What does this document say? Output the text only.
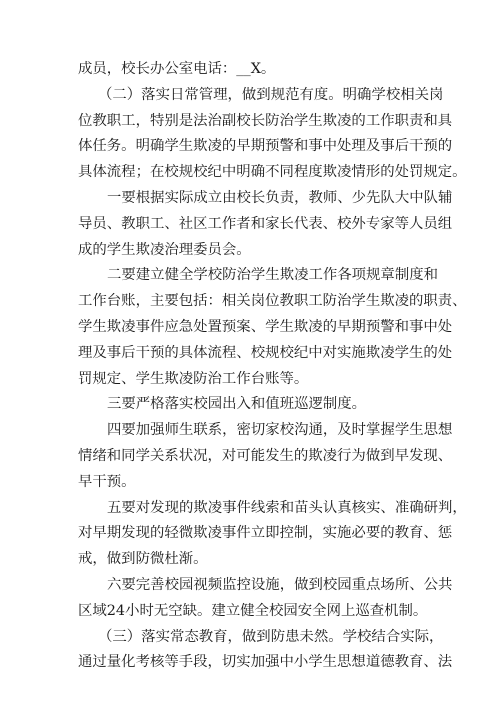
成员，校长办公室电话：__X。
（二）落实日常管理，做到规范有度。明确学校相关岗
位教职工，特别是法治副校长防治学生欺凌的工作职责和具
体任务。明确学生欺凌的早期预警和事中处理及事后干预的
具体流程；在校规校纪中明确不同程度欺凌情形的处罚规定。
一要根据实际成立由校长负责，教师、少先队大中队辅
导员、教职工、社区工作者和家长代表、校外专家等人员组
成的学生欺凌治理委员会。
二要建立健全学校防治学生欺凌工作各项规章制度和
工作台账，主要包括：相关岗位教职工防治学生欺凌的职责、
学生欺凌事件应急处置预案、学生欺凌的早期预警和事中处
理及事后干预的具体流程、校规校纪中对实施欺凌学生的处
罚规定、学生欺凌防治工作台账等。
三要严格落实校园出入和值班巡逻制度。
四要加强师生联系，密切家校沟通，及时掌握学生思想
情绪和同学关系状况，对可能发生的欺凌行为做到早发现、
早干预。
五要对发现的欺凌事件线索和苗头认真核实、准确研判，
对早期发现的轻微欺凌事件立即控制，实施必要的教育、惩
戒，做到防微杜渐。
六要完善校园视频监控设施，做到校园重点场所、公共
区域24小时无空缺。建立健全校园安全网上巡查机制。
（三）落实常态教育，做到防患未然。学校结合实际，
通过量化考核等手段，切实加强中小学生思想道德教育、法
